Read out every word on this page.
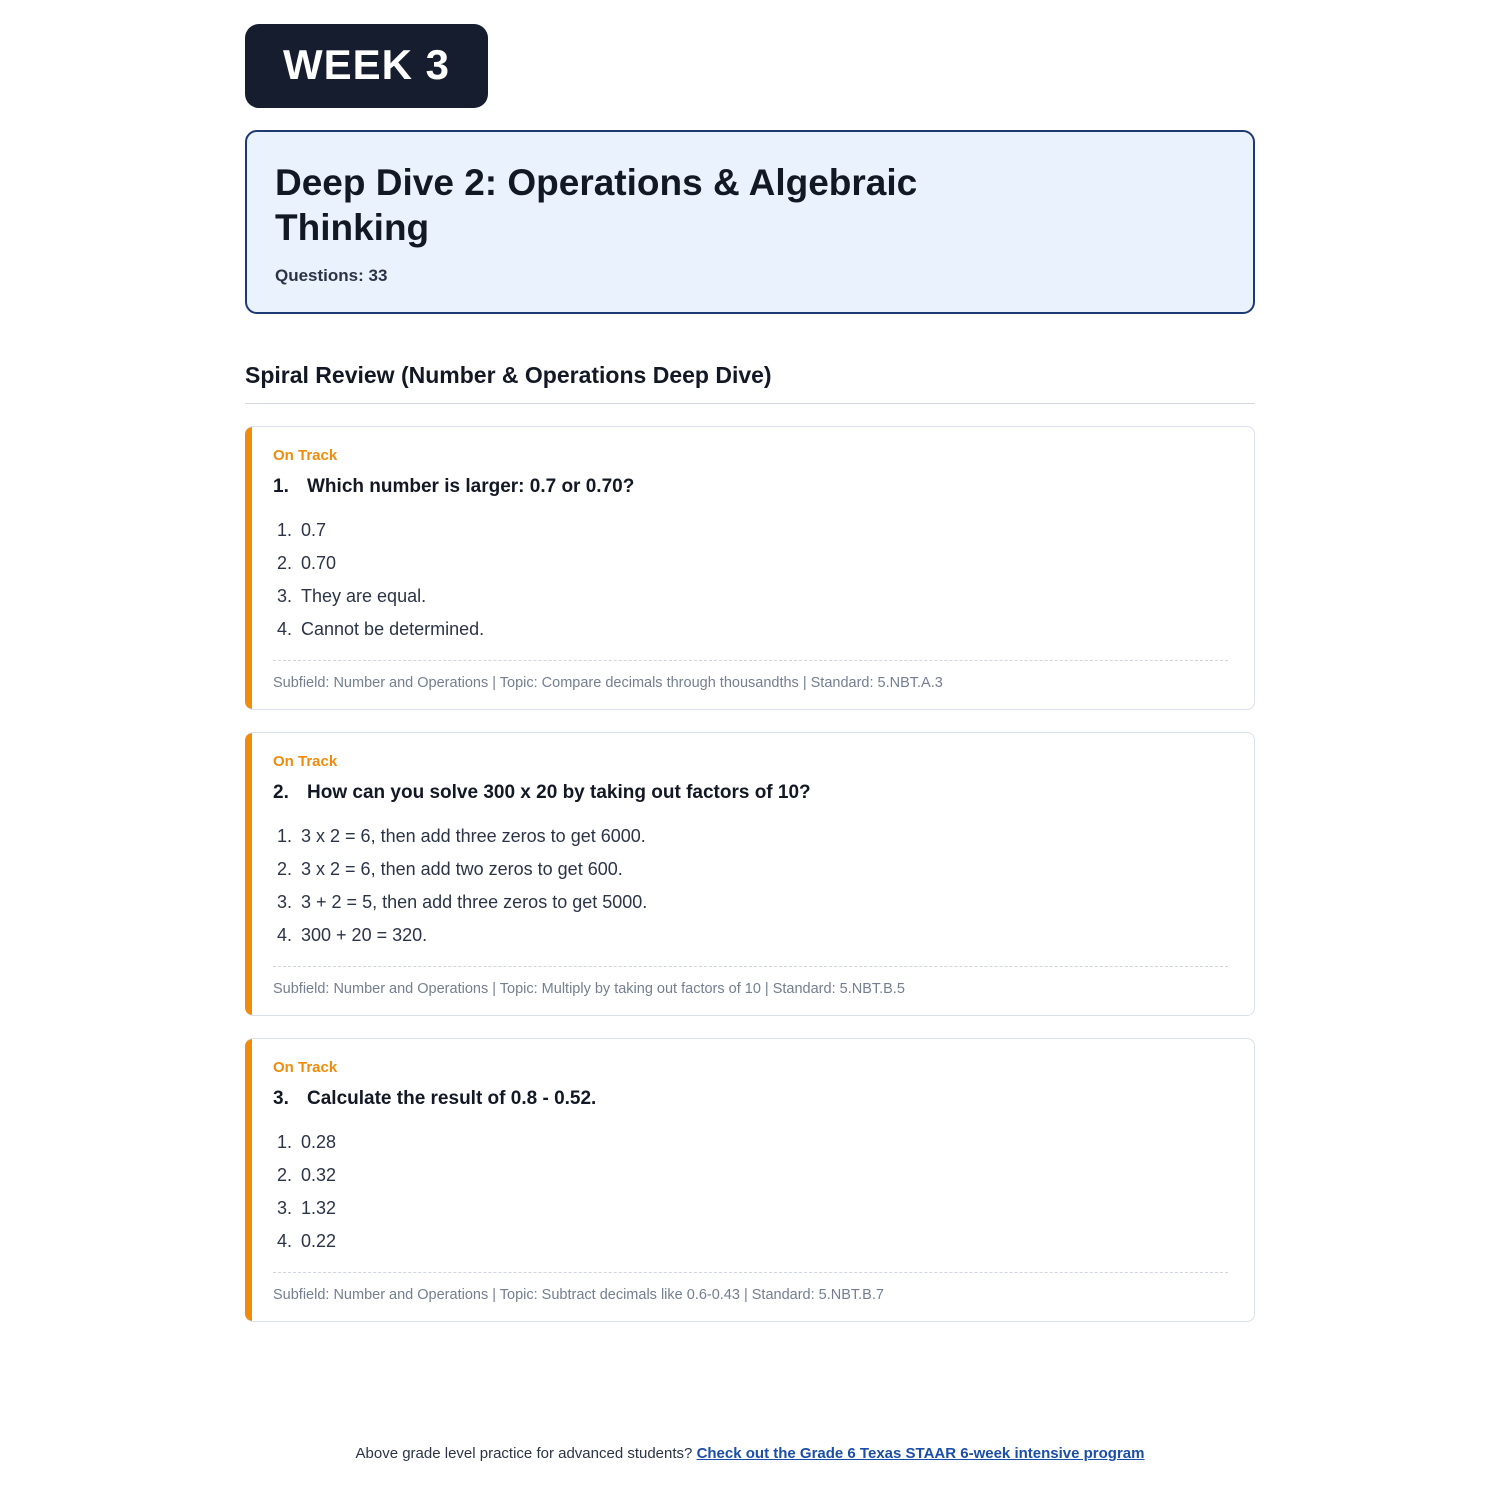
WEEK 3
Deep Dive 2: Operations & Algebraic Thinking
Questions: 33
Spiral Review (Number & Operations Deep Dive)
On Track
1. Which number is larger: 0.7 or 0.70?
1. 0.7
2. 0.70
3. They are equal.
4. Cannot be determined.
Subfield: Number and Operations | Topic: Compare decimals through thousandths | Standard: 5.NBT.A.3
On Track
2. How can you solve 300 x 20 by taking out factors of 10?
1. 3 x 2 = 6, then add three zeros to get 6000.
2. 3 x 2 = 6, then add two zeros to get 600.
3. 3 + 2 = 5, then add three zeros to get 5000.
4. 300 + 20 = 320.
Subfield: Number and Operations | Topic: Multiply by taking out factors of 10 | Standard: 5.NBT.B.5
On Track
3. Calculate the result of 0.8 - 0.52.
1. 0.28
2. 0.32
3. 1.32
4. 0.22
Subfield: Number and Operations | Topic: Subtract decimals like 0.6-0.43 | Standard: 5.NBT.B.7
Above grade level practice for advanced students? Check out the Grade 6 Texas STAAR 6-week intensive program
